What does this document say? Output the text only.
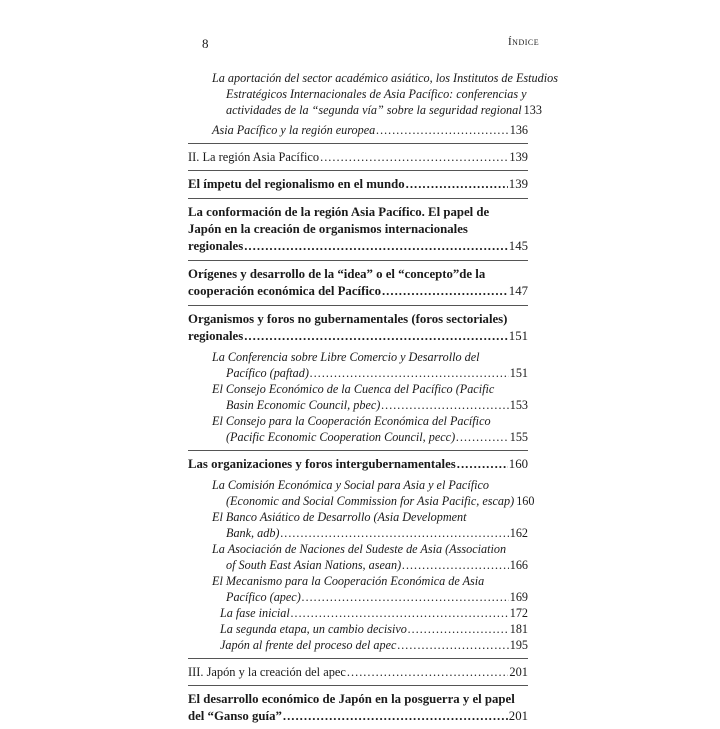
8	Índice
La aportación del sector académico asiático, los Institutos de Estudios
Estratégicos Internacionales de Asia Pacífico: conferencias y
actividades de la “segunda vía” sobre la seguridad regional 133
Asia Pacífico y la región europea .....	136
II. La región Asia Pacífico .....	139
El ímpetu del regionalismo en el mundo .....	139
La conformación de la región Asia Pacífico. El papel de
Japón en la creación de organismos internacionales
regionales .....	145
Orígenes y desarrollo de la “idea” o el “concepto”de la
cooperación económica del Pacífico .....	147
Organismos y foros no gubernamentales (foros sectoriales)
regionales .....	151
La Conferencia sobre Libre Comercio y Desarrollo del
Pacífico (paftad) .....	151
El Consejo Económico de la Cuenca del Pacífico (Pacific
Basin Economic Council, pbec) .....	153
El Consejo para la Cooperación Económica del Pacífico
(Pacific Economic Cooperation Council, pecc) .....	155
Las organizaciones y foros intergubernamentales .....	160
La Comisión Económica y Social para Asia y el Pacífico
(Economic and Social Commission for Asia Pacific, escap) 160
El Banco Asiático de Desarrollo (Asia Development
Bank, adb) .....	162
La Asociación de Naciones del Sudeste de Asia (Association
of South East Asian Nations, asean) .....	166
El Mecanismo para la Cooperación Económica de Asia
Pacífico (apec) .....	169
La fase inicial .....	172
La segunda etapa, un cambio decisivo .....	181
Japón al frente del proceso del apec .....	195
III. Japón y la creación del apec .....	201
El desarrollo económico de Japón en la posguerra y el papel
del “Ganso guía” .....	201
